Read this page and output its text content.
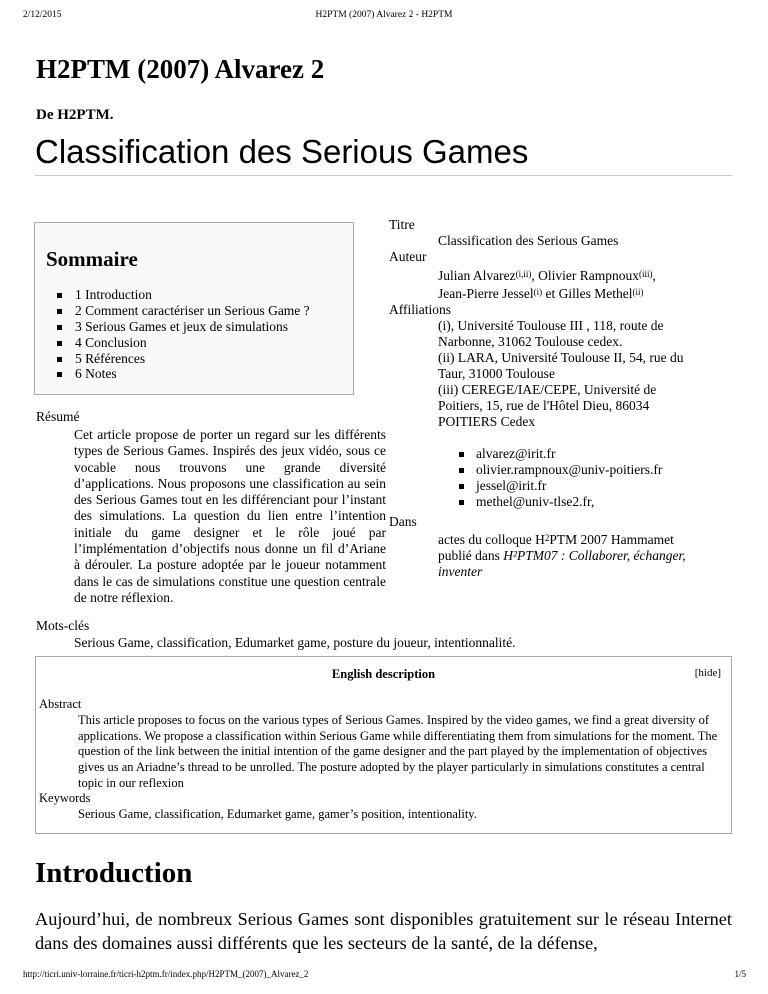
2/12/2015	H2PTM (2007) Alvarez 2 - H2PTM
H2PTM (2007) Alvarez 2
De H2PTM.
Classification des Serious Games
Sommaire
1 Introduction
2 Comment caractériser un Serious Game ?
3 Serious Games et jeux de simulations
4 Conclusion
5 Références
6 Notes
Titre
Classification des Serious Games
Auteur
Julian Alvarez$^{(i,ii)}$, Olivier Rampnoux$^{(iii)}$,
Jean-Pierre Jessel$^{(i)}$ et Gilles Methel$^{(ii)}$
Affiliations
(i), Université Toulouse III , 118, route de
Narbonne, 31062 Toulouse cedex.
(ii) LARA, Université Toulouse II, 54, rue du
Taur, 31000 Toulouse
(iii) CEREGE/IAE/CEPE, Université de
Poitiers, 15, rue de l'Hôtel Dieu, 86034
POITIERS Cedex
alvarez@irit.fr
olivier.rampnoux@univ-poitiers.fr
jessel@irit.fr
methel@univ-tlse2.fr,
Dans
actes du colloque $H^2PTM$ 2007 Hammamet
publié dans H²PTM07 : Collaborer, échanger,
inventer
Résumé
Cet article propose de porter un regard sur les différents types de Serious Games. Inspirés des jeux vidéo, sous ce vocable nous trouvons une grande diversité d’applications. Nous proposons une classification au sein des Serious Games tout en les différenciant pour l’instant des simulations. La question du lien entre l’intention initiale du game designer et le rôle joué par l’implémentation d’objectifs nous donne un fil d’Ariane à dérouler. La posture adoptée par le joueur notamment dans le cas de simulations constitue une question centrale de notre réflexion.
Mots-clés
Serious Game, classification, Edumarket game, posture du joueur, intentionnalité.
English description	[hide]
Abstract
This article proposes to focus on the various types of Serious Games. Inspired by the video games, we find a great diversity of applications. We propose a classification within Serious Game while differentiating them from simulations for the moment. The question of the link between the initial intention of the game designer and the part played by the implementation of objectives gives us an Ariadne’s thread to be unrolled. The posture adopted by the player particularly in simulations constitutes a central topic in our reflexion
Keywords
Serious Game, classification, Edumarket game, gamer’s position, intentionality.
Introduction
Aujourd’hui, de nombreux Serious Games sont disponibles gratuitement sur le réseau Internet dans des domaines aussi différents que les secteurs de la santé, de la défense,
http://ticri.univ-lorraine.fr/ticri-h2ptm.fr/index.php/H2PTM_(2007)_Alvarez_2	1/5
